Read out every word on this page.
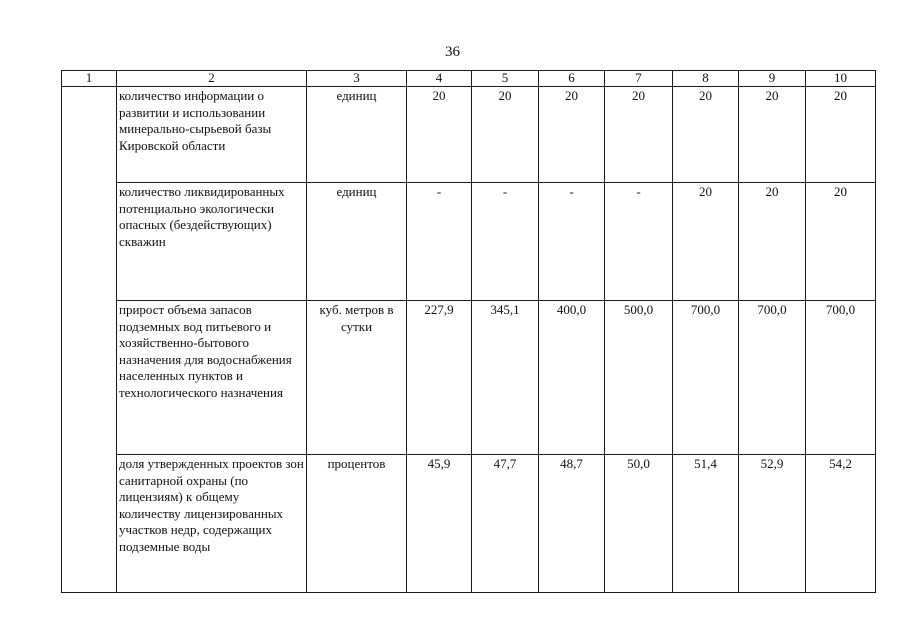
36
1	2	3	4	5	6	7	8	9	10
	количество информации о развитии и использовании минерально-сырьевой базы Кировской области	единиц	20	20	20	20	20	20	20
	количество ликвидированных потенциально экологически опасных (бездействующих) скважин	единиц	-	-	-	-	20	20	20
	прирост объема запасов подземных вод питьевого и хозяйственно-бытового назначения для водоснабжения населенных пунктов и технологического назначения	куб. метров в сутки	227,9	345,1	400,0	500,0	700,0	700,0	700,0
	доля утвержденных проектов зон санитарной охраны (по лицензиям) к общему количеству лицензированных участков недр, содержащих подземные воды	процентов	45,9	47,7	48,7	50,0	51,4	52,9	54,2
